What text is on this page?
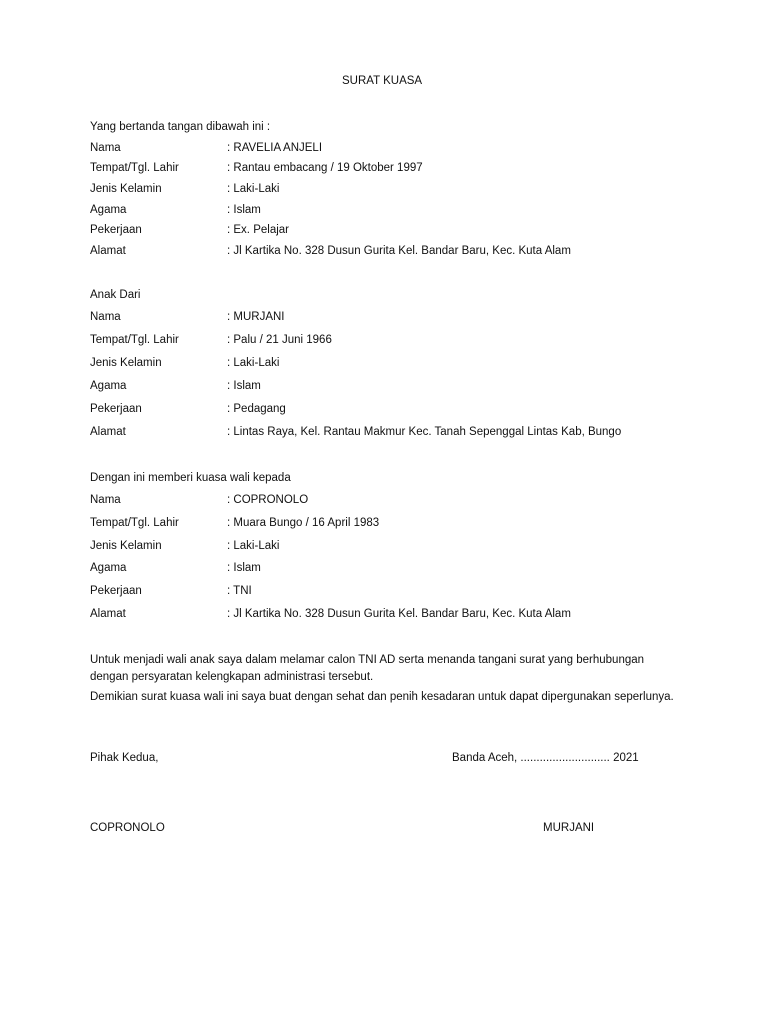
SURAT KUASA
Yang bertanda tangan dibawah ini :
Nama	: RAVELIA ANJELI
Tempat/Tgl. Lahir	: Rantau embacang / 19 Oktober 1997
Jenis Kelamin	: Laki-Laki
Agama	: Islam
Pekerjaan	: Ex. Pelajar
Alamat	: Jl Kartika No. 328 Dusun Gurita Kel. Bandar Baru, Kec. Kuta Alam
Anak Dari
Nama	: MURJANI
Tempat/Tgl. Lahir	: Palu / 21 Juni 1966
Jenis Kelamin	: Laki-Laki
Agama	: Islam
Pekerjaan	: Pedagang
Alamat	: Lintas Raya, Kel. Rantau Makmur Kec. Tanah Sepenggal Lintas Kab, Bungo
Dengan ini memberi kuasa wali kepada
Nama	: COPRONOLO
Tempat/Tgl. Lahir	: Muara Bungo / 16 April 1983
Jenis Kelamin	: Laki-Laki
Agama	: Islam
Pekerjaan	: TNI
Alamat	: Jl Kartika No. 328 Dusun Gurita Kel. Bandar Baru, Kec. Kuta Alam
Untuk menjadi wali anak saya dalam melamar calon TNI AD serta menanda tangani surat yang berhubungan dengan persyaratan kelengkapan administrasi tersebut.
Demikian surat kuasa wali ini saya buat dengan sehat dan penih kesadaran untuk dapat dipergunakan seperlunya.
Pihak Kedua,	Banda Aceh, ............................ 2021
COPRONOLO	MURJANI
